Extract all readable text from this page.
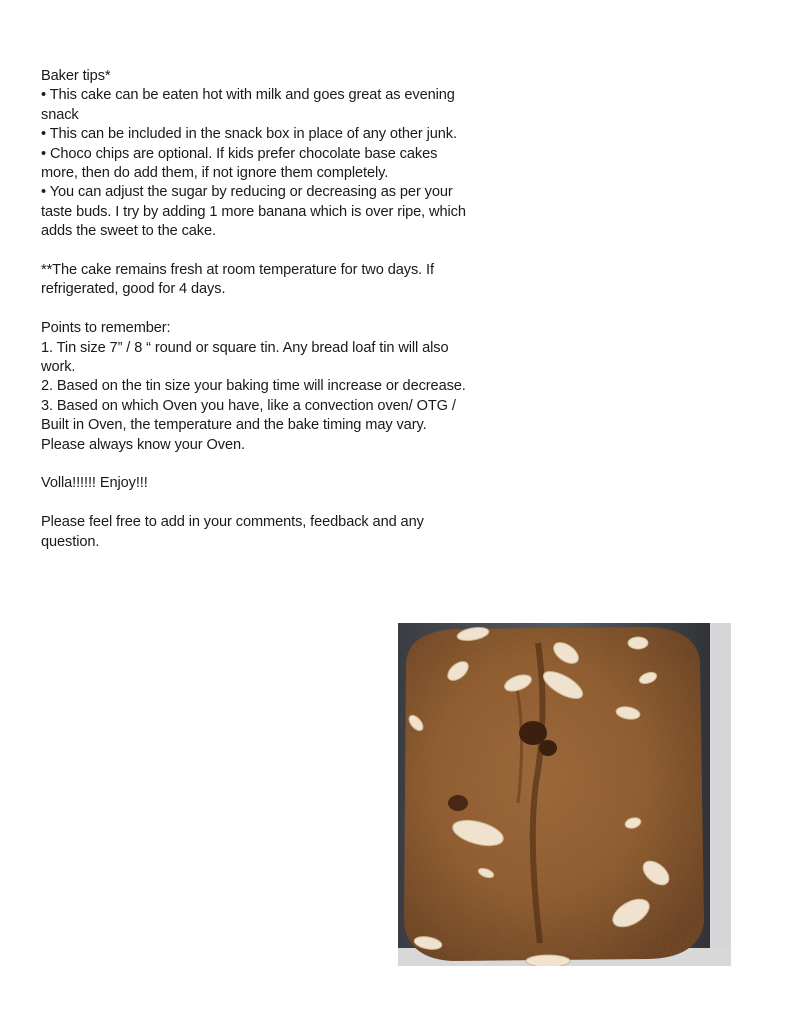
Baker tips*

• This cake can be eaten hot with milk and goes great as evening snack

• This can be included in the snack box in place of any other junk.

• Choco chips are optional. If kids prefer chocolate base cakes more, then do add them, if not ignore them completely.

• You can adjust the sugar by reducing or decreasing as per your taste buds. I try by adding 1 more banana which is over ripe, which adds the sweet to the cake.

**The cake remains fresh at room temperature for two days. If refrigerated, good for 4 days.

Points to remember:

1. Tin size 7” / 8 “ round or square tin. Any bread loaf tin will also work.

2. Based on the tin size your baking time will increase or decrease.

3. Based on which Oven you have, like a convection oven/ OTG / Built in Oven, the temperature and the bake timing may vary. Please always know your Oven.

Volla!!!!!! Enjoy!!!

Please feel free to add in your comments, feedback and any question.
